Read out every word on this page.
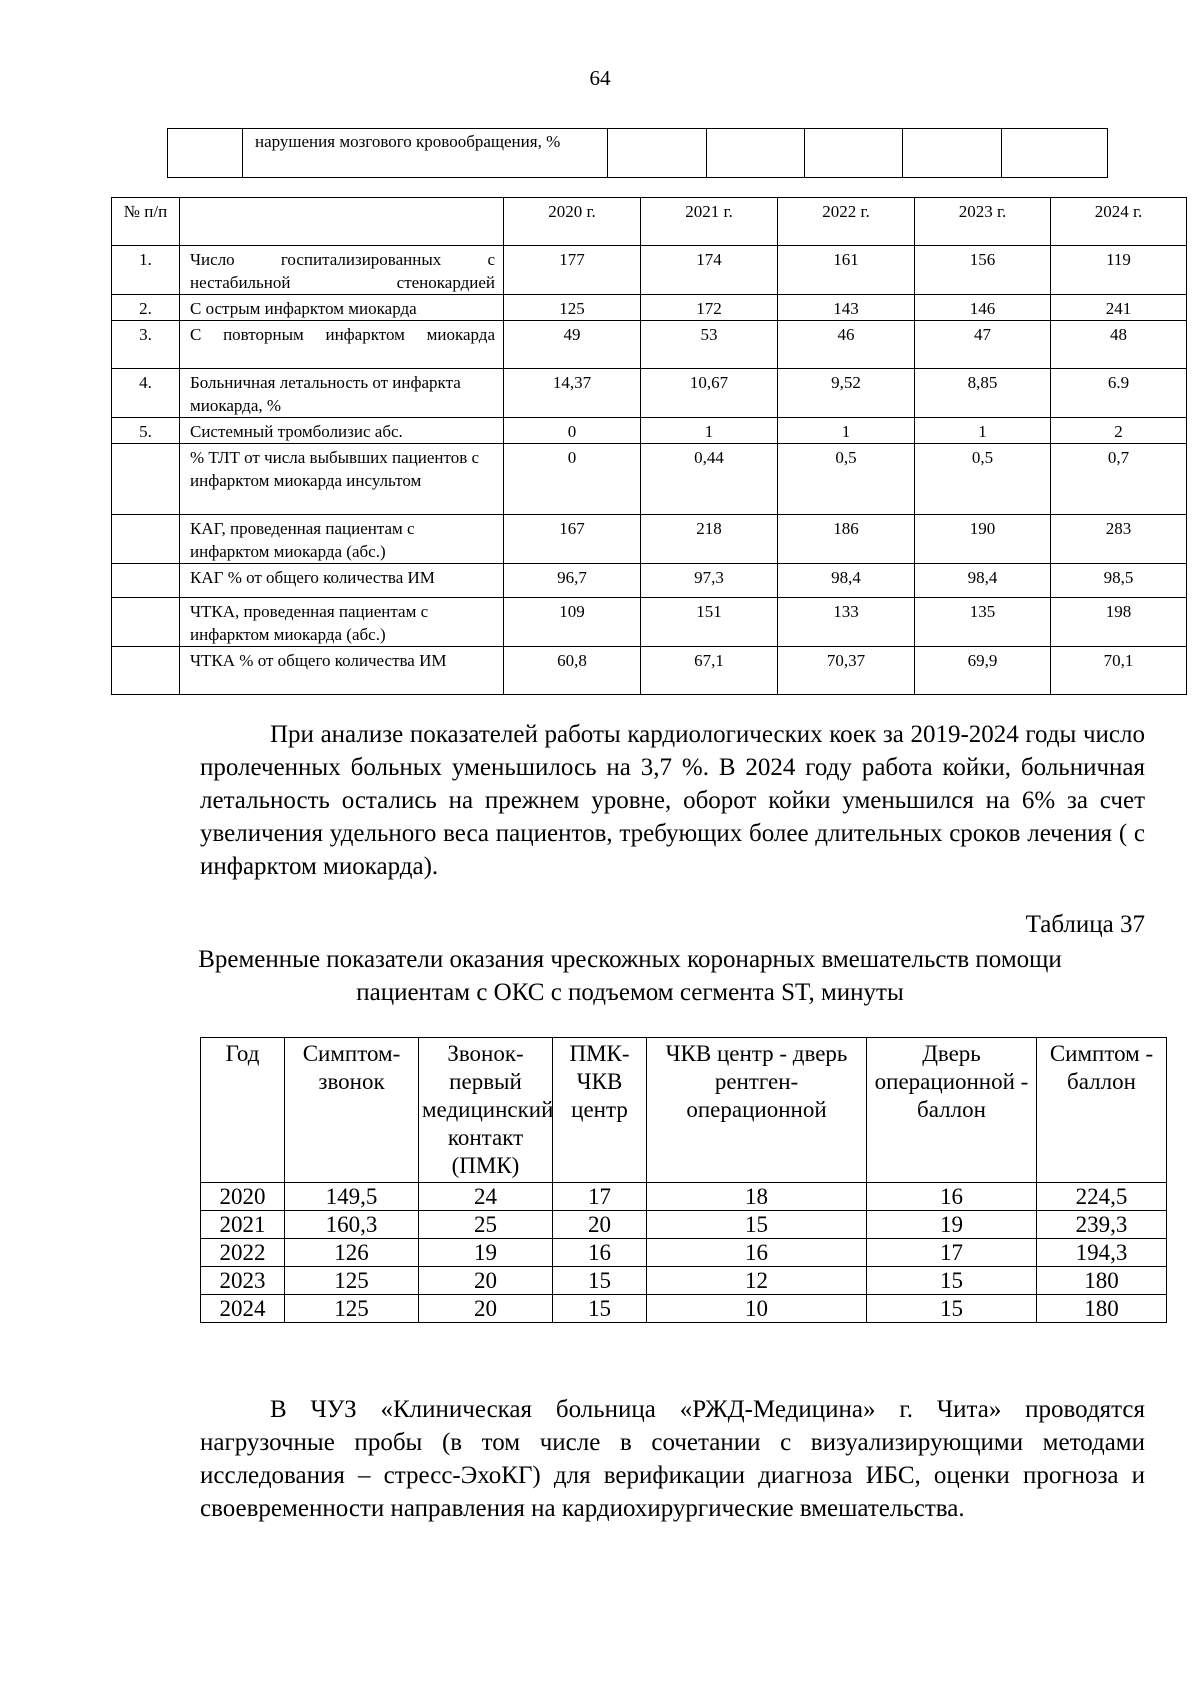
64
	нарушения мозгового кровообращения, %					
№ п/п		2020 г.	2021 г.	2022 г.	2023 г.	2024 г.
1.	Число госпитализированных с нестабильной стенокардией	177	174	161	156	119
2.	С острым инфарктом миокарда	125	172	143	146	241
3.	С повторным инфарктом миокарда	49	53	46	47	48
4.	Больничная летальность от инфаркта миокарда, %	14,37	10,67	9,52	8,85	6.9
5.	Системный тромболизис абс.	0	1	1	1	2
	% ТЛТ от числа выбывших пациентов с инфарктом миокарда инсультом	0	0,44	0,5	0,5	0,7
	КАГ, проведенная пациентам с инфарктом миокарда (абс.)	167	218	186	190	283
	КАГ % от общего количества ИМ	96,7	97,3	98,4	98,4	98,5
	ЧТКА, проведенная пациентам с инфарктом миокарда (абс.)	109	151	133	135	198
	ЧТКА % от общего количества ИМ	60,8	67,1	70,37	69,9	70,1
При анализе показателей работы кардиологических коек за 2019-2024 годы число пролеченных больных уменьшилось на 3,7 %. В 2024 году работа койки, больничная летальность остались на прежнем уровне, оборот койки уменьшился на 6% за счет увеличения удельного веса пациентов, требующих более длительных сроков лечения ( с инфарктом миокарда).
Таблица 37
Временные показатели оказания чрескожных коронарных вмешательств помощи пациентам с ОКС с подъемом сегмента ST, минуты
Год	Симптом-звонок	Звонок-первый медицинский контакт (ПМК)	ПМК-ЧКВ центр	ЧКВ центр - дверь рентген-операционной	Дверь операционной - баллон	Симптом - баллон
2020	149,5	24	17	18	16	224,5
2021	160,3	25	20	15	19	239,3
2022	126	19	16	16	17	194,3
2023	125	20	15	12	15	180
2024	125	20	15	10	15	180
В ЧУЗ «Клиническая больница «РЖД-Медицина» г. Чита» проводятся нагрузочные пробы (в том числе в сочетании с визуализирующими методами исследования – стресс-ЭхоКГ) для верификации диагноза ИБС, оценки прогноза и своевременности направления на кардиохирургические вмешательства.
